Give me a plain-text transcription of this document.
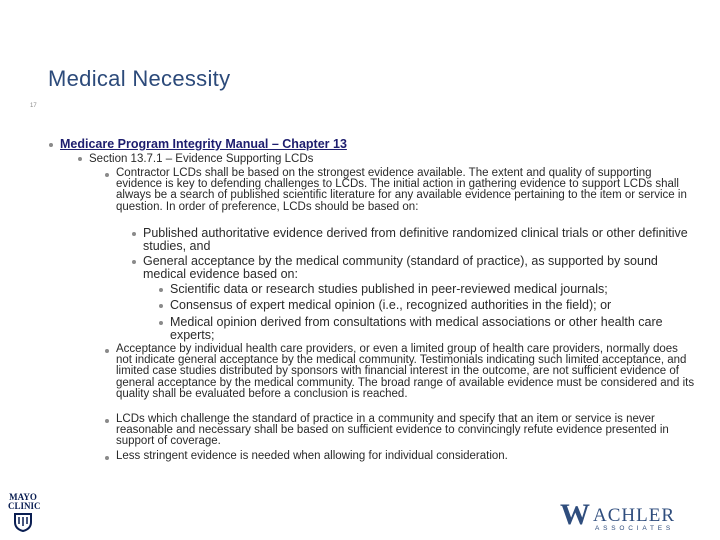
Medical Necessity
17
Medicare Program Integrity Manual – Chapter 13
Section 13.7.1 – Evidence Supporting LCDs
Contractor LCDs shall be based on the strongest evidence available. The extent and quality of supporting evidence is key to defending challenges to LCDs. The initial action in gathering evidence to support LCDs shall always be a search of published scientific literature for any available evidence pertaining to the item or service in question. In order of preference, LCDs should be based on:
Published authoritative evidence derived from definitive randomized clinical trials or other definitive studies, and
General acceptance by the medical community (standard of practice), as supported by sound medical evidence based on:
Scientific data or research studies published in peer-reviewed medical journals;
Consensus of expert medical opinion (i.e., recognized authorities in the field); or
Medical opinion derived from consultations with medical associations or other health care experts;
Acceptance by individual health care providers, or even a limited group of health care providers, normally does not indicate general acceptance by the medical community. Testimonials indicating such limited acceptance, and limited case studies distributed by sponsors with financial interest in the outcome, are not sufficient evidence of general acceptance by the medical community. The broad range of available evidence must be considered and its quality shall be evaluated before a conclusion is reached.
LCDs which challenge the standard of practice in a community and specify that an item or service is never reasonable and necessary shall be based on sufficient evidence to convincingly refute evidence presented in support of coverage.
Less stringent evidence is needed when allowing for individual consideration.
MAYO
CLINIC	W ACHLER
ASSOCIATES
